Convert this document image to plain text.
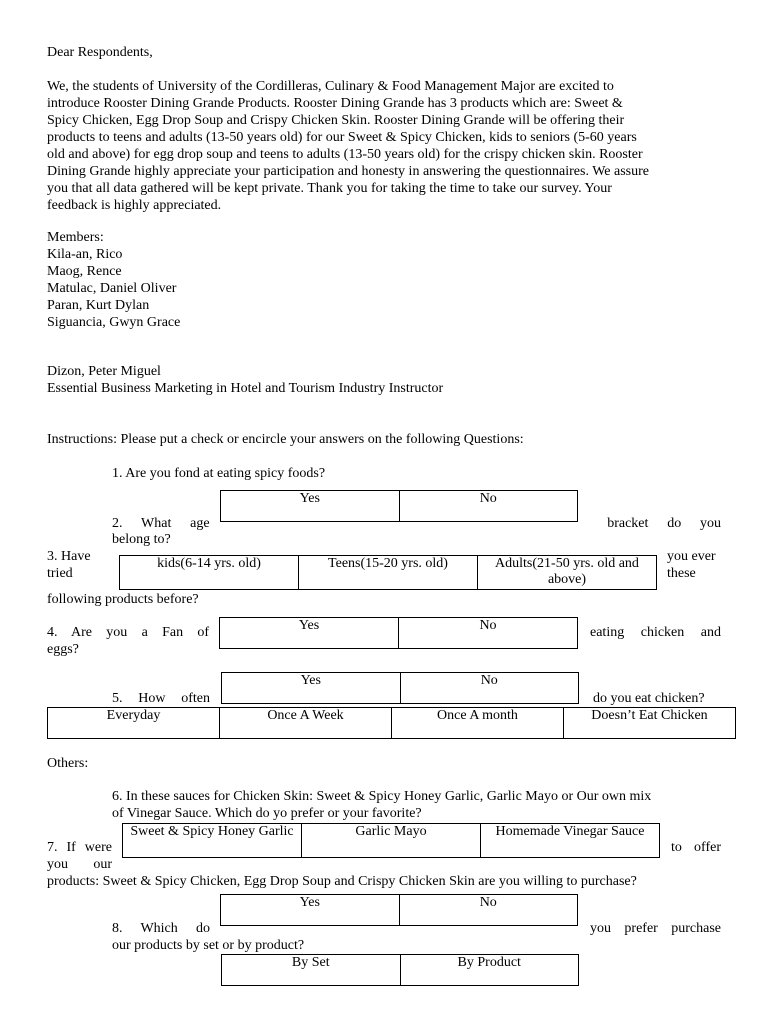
Dear Respondents,
We, the students of University of the Cordilleras, Culinary & Food Management Major are excited to
introduce Rooster Dining Grande Products. Rooster Dining Grande has 3 products which are: Sweet &
Spicy Chicken, Egg Drop Soup and Crispy Chicken Skin. Rooster Dining Grande will be offering their
products to teens and adults (13-50 years old) for our Sweet & Spicy Chicken, kids to seniors (5-60 years
old and above) for egg drop soup and teens to adults (13-50 years old) for the crispy chicken skin. Rooster
Dining Grande highly appreciate your participation and honesty in answering the questionnaires. We assure
you that all data gathered will be kept private. Thank you for taking the time to take our survey. Your
feedback is highly appreciated.
Members:
Kila-an, Rico
Maog, Rence
Matulac, Daniel Oliver
Paran, Kurt Dylan
Siguancia, Gwyn Grace
Dizon, Peter Miguel
Essential Business Marketing in Hotel and Tourism Industry Instructor
Instructions: Please put a check or encircle your answers on the following Questions:
1. Are you fond at eating spicy foods?
Yes	No
2. What age	bracket do you
belong to?
3. Have
tried
you ever
these
kids(6-14 yrs. old)	Teens(15-20 yrs. old)	Adults(21-50 yrs. old and above)
following products before?
4. Are you a Fan of
eggs?
Yes	No	eating chicken and
Yes	No
5. How often	do you eat chicken?
Everyday	Once A Week	Once A month	Doesn’t Eat Chicken
Others:
6. In these sauces for Chicken Skin: Sweet & Spicy Honey Garlic, Garlic Mayo or Our own mix
of Vinegar Sauce. Which do yo prefer or your favorite?
7. If were
you our
Sweet & Spicy Honey Garlic	Garlic Mayo	Homemade Vinegar Sauce
to offer
products: Sweet & Spicy Chicken, Egg Drop Soup and Crispy Chicken Skin are you willing to purchase?
Yes	No
8. Which do	you prefer purchase
our products by set or by product?
By Set	By Product
